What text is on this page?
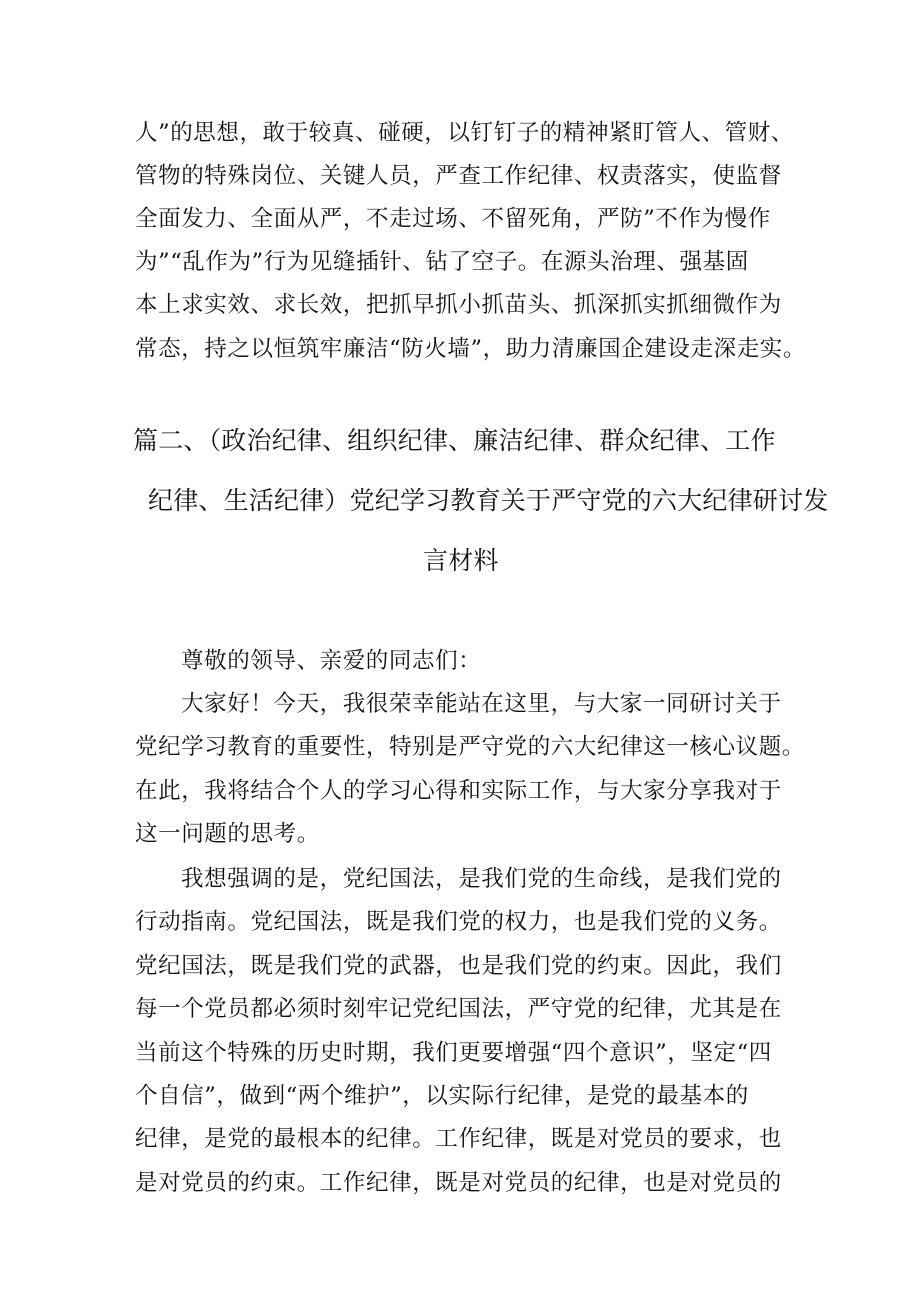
人”的思想，敢于较真、碰硬，以钉钉子的精神紧盯管人、管财、
管物的特殊岗位、关键人员，严查工作纪律、权责落实，使监督
全面发力、全面从严，不走过场、不留死角，严防”不作为慢作
为”“乱作为”行为见缝插针、钻了空子。在源头治理、强基固
本上求实效、求长效，把抓早抓小抓苗头、抓深抓实抓细微作为
常态，持之以恒筑牢廉洁“防火墙”，助力清廉国企建设走深走实。
篇二、（政治纪律、组织纪律、廉洁纪律、群众纪律、工作
纪律、生活纪律）党纪学习教育关于严守党的六大纪律研讨发
言材料
尊敬的领导、亲爱的同志们：
大家好！今天，我很荣幸能站在这里，与大家一同研讨关于
党纪学习教育的重要性，特别是严守党的六大纪律这一核心议题。
在此，我将结合个人的学习心得和实际工作，与大家分享我对于
这一问题的思考。
我想强调的是，党纪国法，是我们党的生命线，是我们党的
行动指南。党纪国法，既是我们党的权力，也是我们党的义务。
党纪国法，既是我们党的武器，也是我们党的约束。因此，我们
每一个党员都必须时刻牢记党纪国法，严守党的纪律，尤其是在
当前这个特殊的历史时期，我们更要增强“四个意识”，坚定“四
个自信”，做到“两个维护”，以实际行纪律，是党的最基本的
纪律，是党的最根本的纪律。工作纪律，既是对党员的要求，也
是对党员的约束。工作纪律，既是对党员的纪律，也是对党员的
